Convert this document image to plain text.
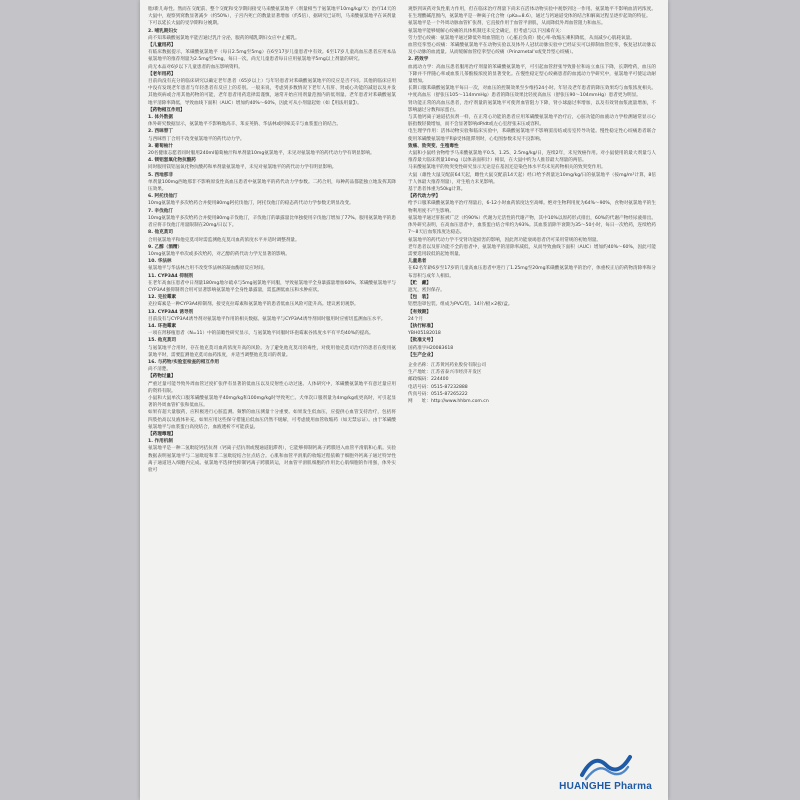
胎/新儿毒性。然而在交配前、整个交配和受孕期间接受马来酸氨氯地平（剂量相当于氨氯地平10mg/kg/天）治疗14天的大鼠中，观察到窝数显著减少（约50%），子宫内死亡的数量显著增加（约5倍），据研究已证明，马来酸氨氯地平在该剂量下可以延长大鼠的受孕期和分娩期。

2. 哺乳期妇女

尚不知苯磺酸氨氯地平能否通过乳汁分泌，服药的哺乳期妇女应中止哺乳。

【儿童用药】

有临床数据提示，苯磺酸氨氯地平（每日2.5mg至5mg）在6至17岁儿童患者中有效。6至17岁儿童高血压患者应用本品氨氯地平的推荐剂量为2.5mg至5mg，每日一次。尚无儿童患者每日应用氨氯地平5mg以上剂量的研究。

尚无本品对6岁以下儿童患者的血压影响资料。

【老年用药】

目前尚没有充分的临床研究以确定老年患者（65岁以上）与年轻患者对苯磺酸氨氯地平的反应是否不同。其他的临床应用中没有发现老年患者与年轻患者有反应上的差别。一般来说，考虑到多数情况下老年人有肝、肾或心功能的减退以及并发其他疾病或合用其他药物的可能，老年患者用药选择需谨慎，通常开始应用剂量范围内的低剂量。老年患者对苯磺酸氨氯地平清除率降低，导致血线下面积（AUC）增加约40%～60%，因此可从小剂量起始（如【用法用量】）。

【药物相互作用】

1. 体外数据

体外研究数据显示，氨氯地平不影响地高辛、苯妥英钠、华法林或吲哚美辛与血浆蛋白的结合。

2. 西咪替丁

与西咪替丁合用不改变氨氯地平的药代动力学。

3. 葡萄柚汁

20名健康志愿者同时服用240ml葡萄柚汁和单剂量10mg氨氯地平，未见对氨氯地平的药代动力学有明显影响。

4. 镁铝氢氧化物抗酸药

同时服用镁铝氢氧化物抗酸药和单剂量氨氯地平，未见对氨氯地平的药代动力学有明显影响。

5. 西地那非

单剂量100mg西地那非不影响原发性高血压患者中氨氯地平的药代动力学参数。二药合用，每种药品都能独立地发挥其降压效果。

6. 阿托伐他汀

10mg氨氯地平多次给药合并使用80mg阿托伐他汀，阿托伐他汀的稳态药代动力学参数无明显改变。

7. 辛伐他汀

10mg氨氯地平多次给药合并使用80mg辛伐他汀，辛伐他汀的暴露量比单独使用辛伐他汀增加了77%。服用氨氯地平的患者应将辛伐他汀用量限制在20mg/日以下。

8. 他克莫司

合用氨氯地平和他克莫司时需监测他克莫司血药浓度水平并适时调整剂量。

9. 乙醇（酒精）

10mg氨氯地平单次或多次给药，对乙醇的药代动力学无显著的影响。

10. 华法林

氨氯地平与华法林合用不改变华法林的凝血酶原反应时间。

11. CYP3A4 抑制剂

在老年高血压患者中日剂量180mg地尔硫卓与5mg氨氯地平同服，导致氨氯地平全身暴露量增加60%。苯磺酸氨氯地平与CYP3A4强抑制剂合用可显著影响氨氯地平全身性暴露量，需监测低血压和水肿症状。

12. 克拉霉素

克拉霉素是一种CYP3A4抑制剂。接受克拉霉素和氨氯地平的患者低血压风险可能升高。建议密切观察。

13. CYP3A4 诱导剂

目前没有与CYP3A4诱导剂对氨氯地平作用的相关数据。氨氯地平与CYP3A4诱导剂同时服用时应密切监测血压水平。

14. 环孢霉素

一项在肾移植患者（N=11）中的前瞻性研究显示，与氨氯地平同服时环孢霉素谷浓度水平有平均40%的提高。

15. 他克莫司

与氨氯地平合用时，存在他克莫司血药浓度升高的风险。为了避免他克莫司的毒性，对使用他克莫司治疗的患者在使用氨氯地平时，需要监测他克莫司血药浓度，并适当调整他克莫司的剂量。

16. 与药物/实验室检查的相互作用

尚不清楚。

【药物过量】

严重过量可能导致外周血管过度扩张伴有显著的低血压以及反射性心动过速。人体研究中，苯磺酸氨氯地平有意过量应用的资料有限。

小鼠和大鼠单次口服苯磺酸氨氯地平40mg/kg和100mg/kg时导致死亡。犬单次口服剂量为4mg/kg或更高时，可引起显著的外周血管扩张和低血压。

如果有超大量服药，应积极进行心脏监测。频繁的血压测量十分重要。如果发生低血压，应提供心血管支持治疗，包括将四肢抬高以及液体补充。如果应用这些保守措施后低血压仍然不缓解，可考虑使用血管收缩药（如无禁忌证）。由于苯磺酸氨氯地平与血浆蛋白高度结合，血液透析不可能获益。

【药理毒理】

1. 作用机制

氨氯地平是一种二氢吡啶钙拮抗剂（钙离子拮抗剂或慢通道阻滞剂），它能够抑制钙离子跨膜进入血管平滑肌和心肌。实验数据表明氨氯地平与二氢吡啶和非二氢吡啶结合位点结合。心肌和血管平滑肌的收缩过程依赖于细胞外钙离子通过特异性离子通道进入细胞内完成。氨氯地平选择性抑制钙离子跨膜转运，对血管平滑肌细胞的作用比心肌细胞的作用强，体外实验可

观察到该药对负性肌力作用，但在临床治疗剂量下尚未在活体动物实验中观察到这一作用。氨氯地平不影响血清钙浓度。在生理酸碱范围内，氨氯地平是一种离子化合物（pKa=8.6），通过与钙通道受体的结合和解离过程呈逐步起效的特征。

氨氯地平是一个外周动脉血管扩张剂，它直接作用于血管平滑肌，从而降低外周血管阻力和血压。

氨氯地平能够缓解心绞痛的具体机制还未完全确定，但考虑与以下因素有关：

劳力型心绞痛：氨氯地平通过降低外周血管阻力（心脏后负荷）使心率-收缩压乘积降低，从而减少心肌耗氧量。

血管痉挛型心绞痛：苯磺酸氨氯地平在动物实验以及体外人冠状动脉实验中已经证实可以抑制血管痉挛，恢复冠状动脉以及小动脉的血流量。从而缓解血管痉挛型心绞痛（Prinzmetal's或变异型心绞痛）。

2. 药效学

血流动力学：高血压患者服用治疗剂量的苯磺酸氨氯地平，可引起血管舒张导致卧位和站立血压下降，长期给药，血压的下降并不伴随心率或血浆儿茶酚胺浓度的显著变化。在慢性稳定型心绞痛患者的血流动力学研究中，氨氯地平可使运动耐量增加。

长期口服苯磺酸氨氯地平每日一次，对血压的控制效果至少维持24小时。年轻及老年患者的降压效果均与血浆浓度相关。中度高血压（舒张压105～114mmHg）患者的降压效果比轻度高血压（舒张压90～104mmHg）患者更为明显。

肾功能正常的高血压患者，治疗剂量的氨氯地平可使肾血管阻力下降，肾小球滤过率增加，以及有效肾血浆流量增加，不影响滤过分数和尿蛋白。

与其他钙离子通道拮抗剂一样，在正常心功能的患者应用苯磺酸氨氯地平治疗后，心脏功能的血液动力学检测通常显示心脏指数轻微增加，而不会显著影响dP/dt或左心室舒张末压或容积。

电生理学作用：活体动物实验和临床实验中，苯磺酸氨氯地平不影响窦房结或房室传导功能。慢性稳定性心绞痛患者联合使用苯磺酸氨氯地平和β受体阻滞剂时，心电图参数未见不良影响。

致癌、致突变、生殖毒性

大鼠和小鼠经食物给予马来酸氨氯地平0.5、1.25、2.5mg/kg/日，连续2年，未见致癌作用。对小鼠使用的最大剂量与人推荐最大临床剂量10mg（以体表面积计）相似，在大鼠中约为人推荐最大剂量的两倍。

马来酸氨氯地平的致突变性研究显示无论是在基因还是染色体水平均未见药物相关的致突变作用。

大鼠（雄性大鼠交配前64天起，雌性大鼠交配前14天起）经口给予剂量达10mg/kg/日的氨氯地平（按mg/m²计算，8倍于人体最大推荐剂量），对生殖力未见影响。

基于患者体重为50kg计算。

【药代动力学】

给予口服苯磺酸氨氯地平治疗剂量后，6-12小时血药浓度达至高峰。绝对生物利用度为64%～90%，食物对氨氯地平的生物利用度不产生影响。

氨氯地平通过肝脏被广泛（约90%）代谢为无活性的代谢产物，其中10%以原药形式排出，60%的代谢产物经尿液排出。体外研究表明，在高血压患者中，血浆蛋白结合率约为93%。其血浆消除半衰期为35～50小时，每日一次给药，连续给药7～8天后血浆浓度达稳态。

氨氯地平的药代动力学不受肾功能损害的影响，因此肾功能衰竭患者仍可采用常规的初始剂量。

老年患者以及肝功能不全的患者中，氨氯地平的清除率减低，从而导致曲线下面积（AUC）增加约40%～60%，因此可能需要选用较低的起始剂量。

儿童患者

在62名年龄6岁至17岁的儿童高血压患者中进行了1.25mg至20mg苯磺酸氨氯地平的治疗，体重校正后的药物清除率和分布容积与成年人相似。

【贮　藏】

遮光，密封保存。

【包　装】

铝塑泡罩包装。组成为PVC/铝。14片/板×2板/盒。

【有效期】

24个月

【执行标准】

YBH05182018

【批准文号】

国药准字H20083618

【生产企业】

企业名称：江苏黄河药业股份有限公司
生产地址：江苏省泰兴市经济开发区
邮政编码：224400
电话号码：0515-87232888
传真号码：0515-87265222
网　　址：http://www.hhbm.com.cn
HUANGHE Pharma
